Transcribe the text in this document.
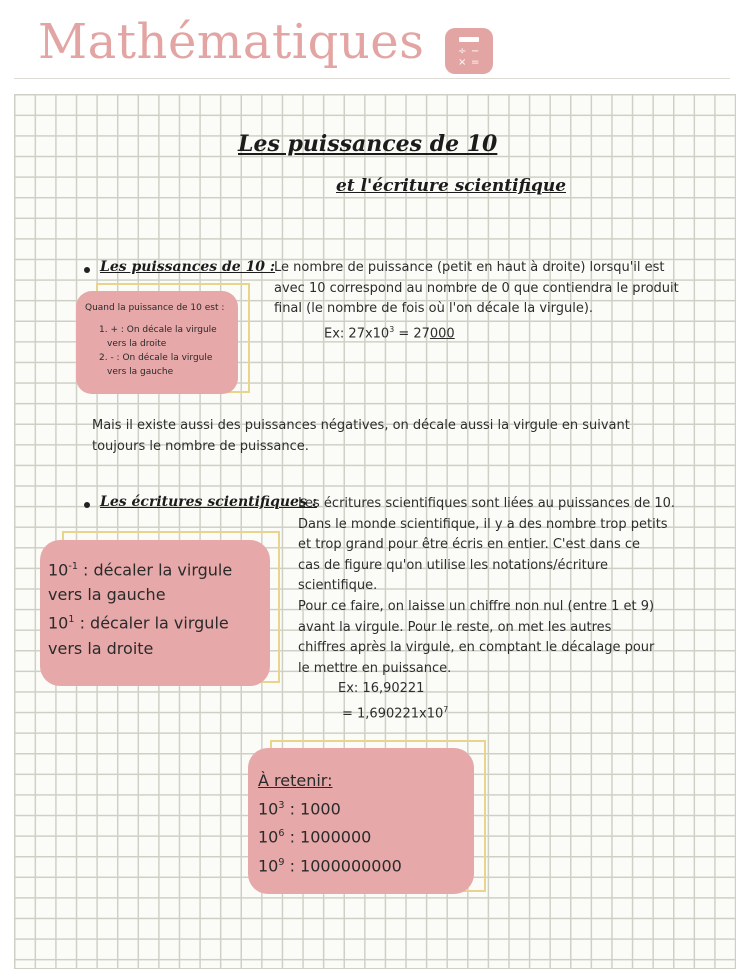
Mathématiques	÷ −
× =
Les puissances de 10
et l'écriture scientifique
Les puissances de 10 :

Le nombre de puissance (petit en haut à droite) lorsqu'il est

avec 10 correspond au nombre de 0 que contiendra le produit

final (le nombre de fois où l'on décale la virgule).

Ex: $27x10^3 = 27000$
Quand la puissance de 10 est :
1. + : On décale la virgule
vers la droite
2. - : On décale la virgule
vers la gauche

Mais il existe aussi des puissances négatives, on décale aussi la virgule en suivant

toujours le nombre de puissance.

Les écritures scientifiques :

Les écritures scientifiques sont liées au puissances de 10.

Dans le monde scientifique, il y a des nombre trop petits

et trop grand pour être écris en entier. C'est dans ce

cas de figure qu'on utilise les notations/écriture

scientifique.

Pour ce faire, on laisse un chiffre non nul (entre 1 et 9)

avant la virgule. Pour le reste, on met les autres

chiffres après la virgule, en comptant le décalage pour

le mettre en puissance.

Ex: 16,90221

= $1,690221x10^7$

$10^{-1}$ : décaler la virgule
vers la gauche
$10^1$ : décaler la virgule
vers la droite
À retenir:
$10^3$ : 1000
$10^6$ : 1000000
$10^9$ : 1000000000
